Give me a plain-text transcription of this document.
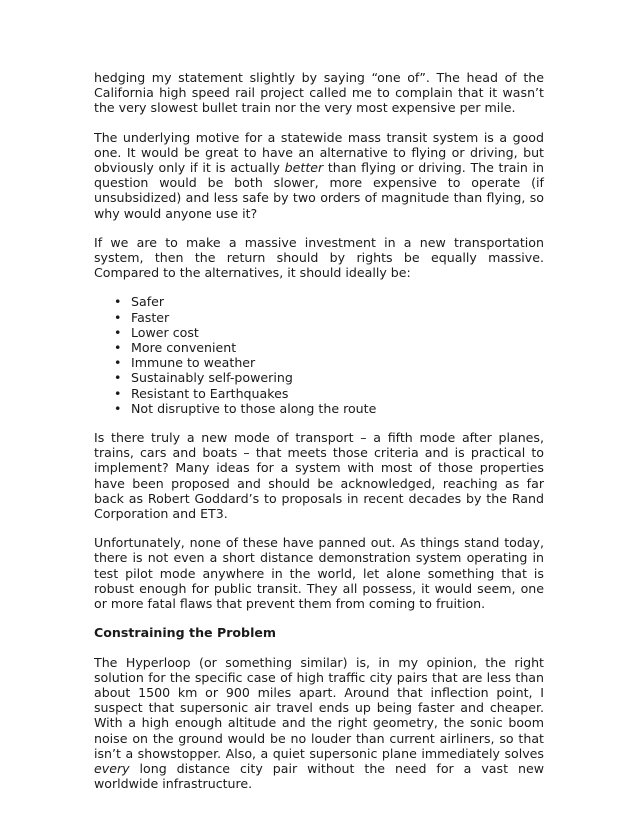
hedging my statement slightly by saying “one of”. The head of the California high speed rail project called me to complain that it wasn’t the very slowest bullet train nor the very most expensive per mile.

The underlying motive for a statewide mass transit system is a good one. It would be great to have an alternative to flying or driving, but obviously only if it is actually better than flying or driving. The train in question would be both slower, more expensive to operate (if unsubsidized) and less safe by two orders of magnitude than flying, so why would anyone use it?

If we are to make a massive investment in a new transportation system, then the return should by rights be equally massive. Compared to the alternatives, it should ideally be:

• Safer
• Faster
• Lower cost
• More convenient
• Immune to weather
• Sustainably self-powering
• Resistant to Earthquakes
• Not disruptive to those along the route

Is there truly a new mode of transport – a fifth mode after planes, trains, cars and boats – that meets those criteria and is practical to implement? Many ideas for a system with most of those properties have been proposed and should be acknowledged, reaching as far back as Robert Goddard’s to proposals in recent decades by the Rand Corporation and ET3.

Unfortunately, none of these have panned out. As things stand today, there is not even a short distance demonstration system operating in test pilot mode anywhere in the world, let alone something that is robust enough for public transit. They all possess, it would seem, one or more fatal flaws that prevent them from coming to fruition.

Constraining the Problem

The Hyperloop (or something similar) is, in my opinion, the right solution for the specific case of high traffic city pairs that are less than about 1500 km or 900 miles apart. Around that inflection point, I suspect that supersonic air travel ends up being faster and cheaper. With a high enough altitude and the right geometry, the sonic boom noise on the ground would be no louder than current airliners, so that isn’t a showstopper. Also, a quiet supersonic plane immediately solves every long distance city pair without the need for a vast new worldwide infrastructure.
